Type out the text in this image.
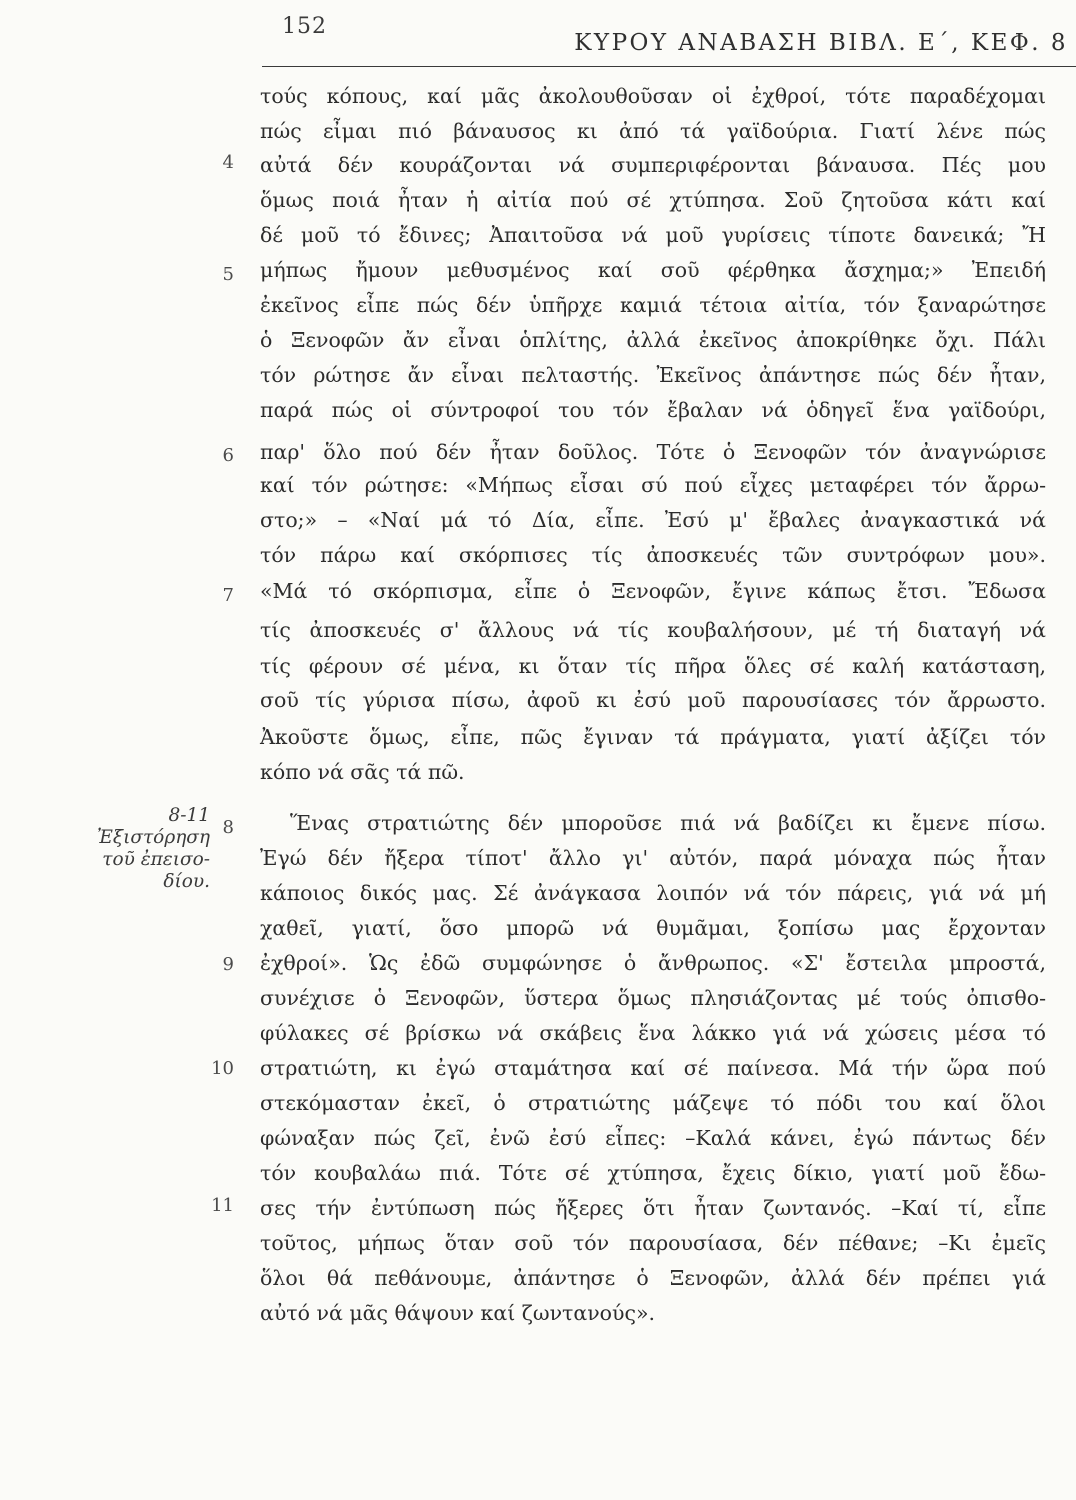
152
ΚΥΡΟΥ ΑΝΑΒΑΣΗ ΒΙΒΛ. Ε΄, ΚΕΦ. 8
4
5
6
7
8
9
10
11
8-11
Ἐξιστόρηση
τοῦ ἐπεισο-
δίου.
τούς κόπους, καί μᾶς ἀκολουθοῦσαν οἱ ἐχθροί, τότε παραδέχομαι
πώς εἶμαι πιό βάναυσος κι ἀπό τά γαϊδούρια. Γιατί λένε πώς
αὐτά δέν κουράζονται νά συμπεριφέρονται βάναυσα. Πές μου
ὅμως ποιά ἦταν ἡ αἰτία πού σέ χτύπησα. Σοῦ ζητοῦσα κάτι καί
δέ μοῦ τό ἔδινες; Ἀπαιτοῦσα νά μοῦ γυρίσεις τίποτε δανεικά; Ἤ
μήπως ἤμουν μεθυσμένος καί σοῦ φέρθηκα ἄσχημα;» Ἐπειδή
ἐκεῖνος εἶπε πώς δέν ὑπῆρχε καμιά τέτοια αἰτία, τόν ξαναρώτησε
ὁ Ξενοφῶν ἄν εἶναι ὁπλίτης, ἀλλά ἐκεῖνος ἀποκρίθηκε ὄχι. Πάλι
τόν ρώτησε ἄν εἶναι πελταστής. Ἐκεῖνος ἀπάντησε πώς δέν ἦταν,
παρά πώς οἱ σύντροφοί του τόν ἔβαλαν νά ὁδηγεῖ ἕνα γαϊδούρι,
παρ' ὅλο πού δέν ἦταν δοῦλος. Τότε ὁ Ξενοφῶν τόν ἀναγνώρισε
καί τόν ρώτησε: «Μήπως εἶσαι σύ πού εἶχες μεταφέρει τόν ἄρρω-
στο;» – «Ναί μά τό Δία, εἶπε. Ἐσύ μ' ἔβαλες ἀναγκαστικά νά
τόν πάρω καί σκόρπισες τίς ἀποσκευές τῶν συντρόφων μου».
«Μά τό σκόρπισμα, εἶπε ὁ Ξενοφῶν, ἔγινε κάπως ἔτσι. Ἔδωσα
τίς ἀποσκευές σ' ἄλλους νά τίς κουβαλήσουν, μέ τή διαταγή νά
τίς φέρουν σέ μένα, κι ὅταν τίς πῆρα ὅλες σέ καλή κατάσταση,
σοῦ τίς γύρισα πίσω, ἀφοῦ κι ἐσύ μοῦ παρουσίασες τόν ἄρρωστο.
Ἀκοῦστε ὅμως, εἶπε, πῶς ἔγιναν τά πράγματα, γιατί ἀξίζει τόν
κόπο νά σᾶς τά πῶ.
Ἕνας στρατιώτης δέν μποροῦσε πιά νά βαδίζει κι ἔμενε πίσω.
Ἐγώ δέν ἤξερα τίποτ' ἄλλο γι' αὐτόν, παρά μόναχα πώς ἦταν
κάποιος δικός μας. Σέ ἀνάγκασα λοιπόν νά τόν πάρεις, γιά νά μή
χαθεῖ, γιατί, ὅσο μπορῶ νά θυμᾶμαι, ξοπίσω μας ἔρχονταν
ἐχθροί». Ὡς ἐδῶ συμφώνησε ὁ ἄνθρωπος. «Σ' ἔστειλα μπροστά,
συνέχισε ὁ Ξενοφῶν, ὕστερα ὅμως πλησιάζοντας μέ τούς ὀπισθο-
φύλακες σέ βρίσκω νά σκάβεις ἕνα λάκκο γιά νά χώσεις μέσα τό
στρατιώτη, κι ἐγώ σταμάτησα καί σέ παίνεσα. Μά τήν ὥρα πού
στεκόμασταν ἐκεῖ, ὁ στρατιώτης μάζεψε τό πόδι του καί ὅλοι
φώναξαν πώς ζεῖ, ἐνῶ ἐσύ εἶπες: –Καλά κάνει, ἐγώ πάντως δέν
τόν κουβαλάω πιά. Τότε σέ χτύπησα, ἔχεις δίκιο, γιατί μοῦ ἔδω-
σες τήν ἐντύπωση πώς ἤξερες ὅτι ἦταν ζωντανός. –Καί τί, εἶπε
τοῦτος, μήπως ὅταν σοῦ τόν παρουσίασα, δέν πέθανε; –Κι ἐμεῖς
ὅλοι θά πεθάνουμε, ἀπάντησε ὁ Ξενοφῶν, ἀλλά δέν πρέπει γιά
αὐτό νά μᾶς θάψουν καί ζωντανούς».
